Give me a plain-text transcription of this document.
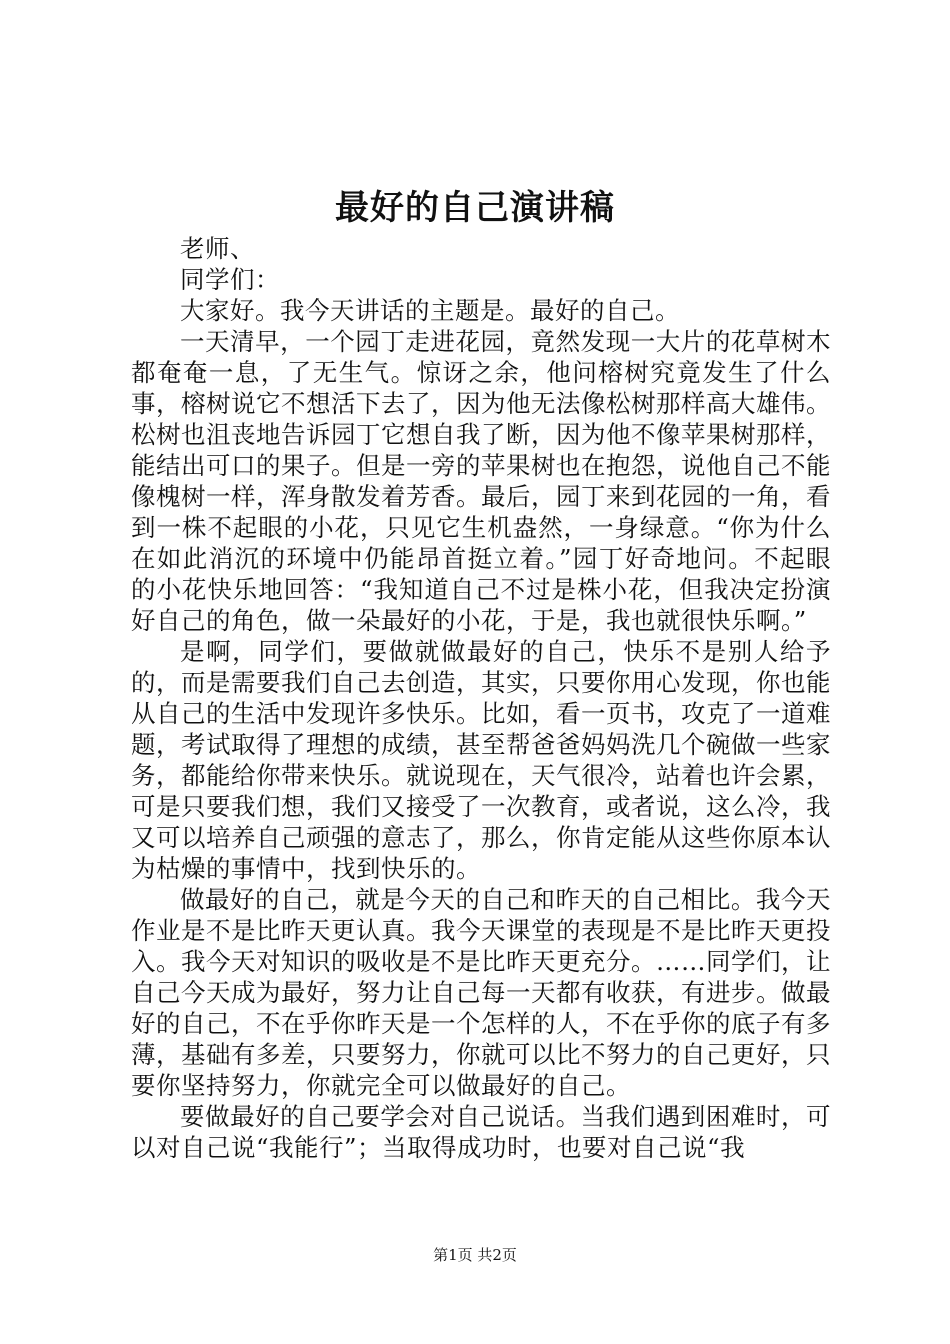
最好的自己演讲稿

老师、

同学们：

大家好。我今天讲话的主题是。最好的自己。

一天清早，一个园丁走进花园，竟然发现一大片的花草树木都奄奄一息，了无生气。惊讶之余，他问榕树究竟发生了什么事，榕树说它不想活下去了，因为他无法像松树那样高大雄伟。松树也沮丧地告诉园丁它想自我了断，因为他不像苹果树那样，能结出可口的果子。但是一旁的苹果树也在抱怨，说他自己不能像槐树一样，浑身散发着芳香。最后，园丁来到花园的一角，看到一株不起眼的小花，只见它生机盎然，一身绿意。“你为什么在如此消沉的环境中仍能昂首挺立着。”园丁好奇地问。不起眼的小花快乐地回答：“我知道自己不过是株小花，但我决定扮演好自己的角色，做一朵最好的小花，于是，我也就很快乐啊。”

是啊，同学们，要做就做最好的自己，快乐不是别人给予的，而是需要我们自己去创造，其实，只要你用心发现，你也能从自己的生活中发现许多快乐。比如，看一页书，攻克了一道难题，考试取得了理想的成绩，甚至帮爸爸妈妈洗几个碗做一些家务，都能给你带来快乐。就说现在，天气很冷，站着也许会累，可是只要我们想，我们又接受了一次教育，或者说，这么冷，我又可以培养自己顽强的意志了，那么，你肯定能从这些你原本认为枯燥的事情中，找到快乐的。

做最好的自己，就是今天的自己和昨天的自己相比。我今天作业是不是比昨天更认真。我今天课堂的表现是不是比昨天更投入。我今天对知识的吸收是不是比昨天更充分。……同学们，让自己今天成为最好，努力让自己每一天都有收获，有进步。做最好的自己，不在乎你昨天是一个怎样的人，不在乎你的底子有多薄，基础有多差，只要努力，你就可以比不努力的自己更好，只要你坚持努力，你就完全可以做最好的自己。

要做最好的自己要学会对自己说话。当我们遇到困难时，可以对自己说“我能行”；当取得成功时，也要对自己说“我

第1页 共2页
